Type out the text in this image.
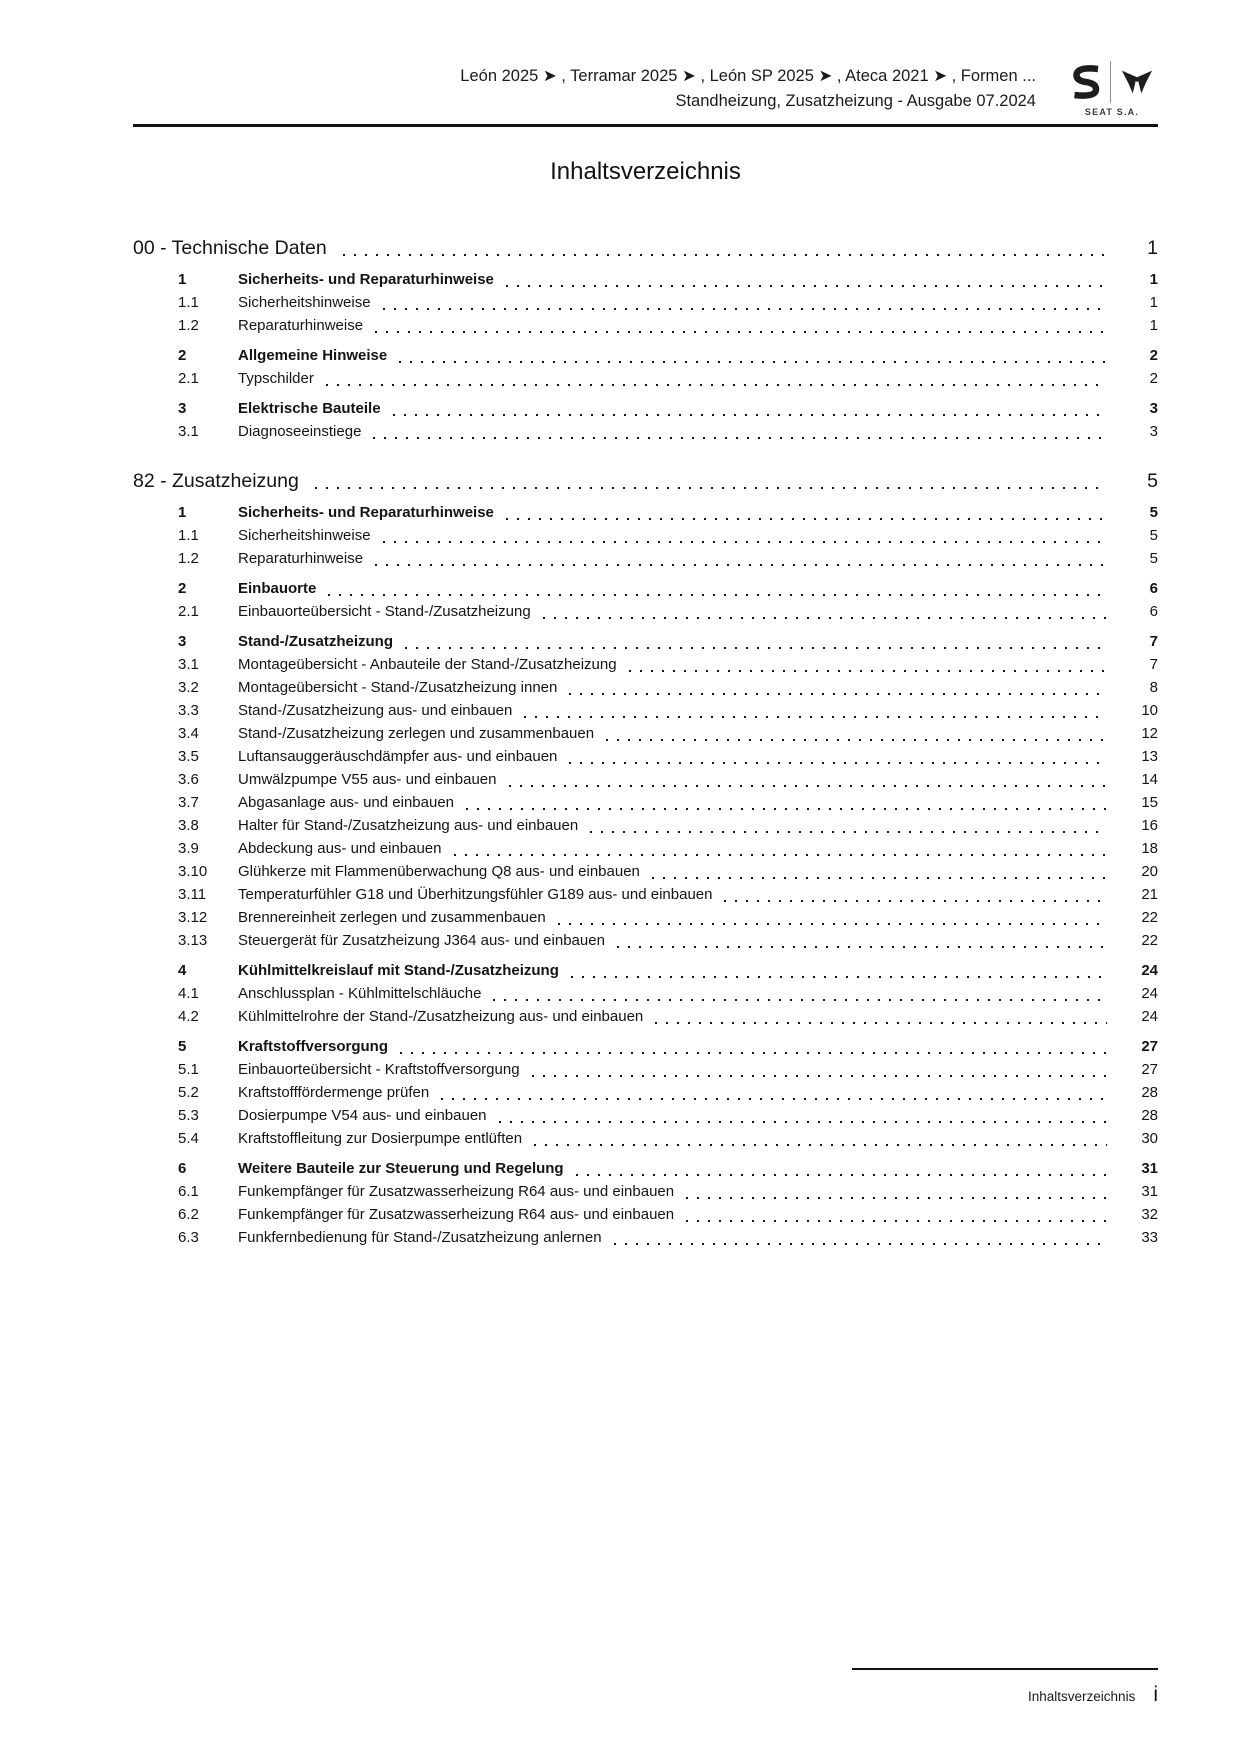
León 2025 ➤ , Terramar 2025 ➤ , León SP 2025 ➤ , Ateca 2021 ➤ , Formen ...
Standheizung, Zusatzheizung - Ausgabe 07.2024
SEAT S.A.
Inhaltsverzeichnis
00 - Technische Daten	1
1	Sicherheits- und Reparaturhinweise	1
1.1	Sicherheitshinweise	1
1.2	Reparaturhinweise	1
2	Allgemeine Hinweise	2
2.1	Typschilder	2
3	Elektrische Bauteile	3
3.1	Diagnoseeinstiege	3
82 - Zusatzheizung	5
1	Sicherheits- und Reparaturhinweise	5
1.1	Sicherheitshinweise	5
1.2	Reparaturhinweise	5
2	Einbauorte	6
2.1	Einbauorteübersicht - Stand-/Zusatzheizung	6
3	Stand-/Zusatzheizung	7
3.1	Montageübersicht - Anbauteile der Stand-/Zusatzheizung	7
3.2	Montageübersicht - Stand-/Zusatzheizung innen	8
3.3	Stand-/Zusatzheizung aus- und einbauen	10
3.4	Stand-/Zusatzheizung zerlegen und zusammenbauen	12
3.5	Luftansauggeräuschdämpfer aus- und einbauen	13
3.6	Umwälzpumpe V55 aus- und einbauen	14
3.7	Abgasanlage aus- und einbauen	15
3.8	Halter für Stand-/Zusatzheizung aus- und einbauen	16
3.9	Abdeckung aus- und einbauen	18
3.10	Glühkerze mit Flammenüberwachung Q8 aus- und einbauen	20
3.11	Temperaturfühler G18 und Überhitzungsfühler G189 aus- und einbauen	21
3.12	Brennereinheit zerlegen und zusammenbauen	22
3.13	Steuergerät für Zusatzheizung J364 aus- und einbauen	22
4	Kühlmittelkreislauf mit Stand-/Zusatzheizung	24
4.1	Anschlussplan - Kühlmittelschläuche	24
4.2	Kühlmittelrohre der Stand-/Zusatzheizung aus- und einbauen	24
5	Kraftstoffversorgung	27
5.1	Einbauorteübersicht - Kraftstoffversorgung	27
5.2	Kraftstofffördermenge prüfen	28
5.3	Dosierpumpe V54 aus- und einbauen	28
5.4	Kraftstoffleitung zur Dosierpumpe entlüften	30
6	Weitere Bauteile zur Steuerung und Regelung	31
6.1	Funkempfänger für Zusatzwasserheizung R64 aus- und einbauen	31
6.2	Funkempfänger für Zusatzwasserheizung R64 aus- und einbauen	32
6.3	Funkfernbedienung für Stand-/Zusatzheizung anlernen	33
Inhaltsverzeichnis i
